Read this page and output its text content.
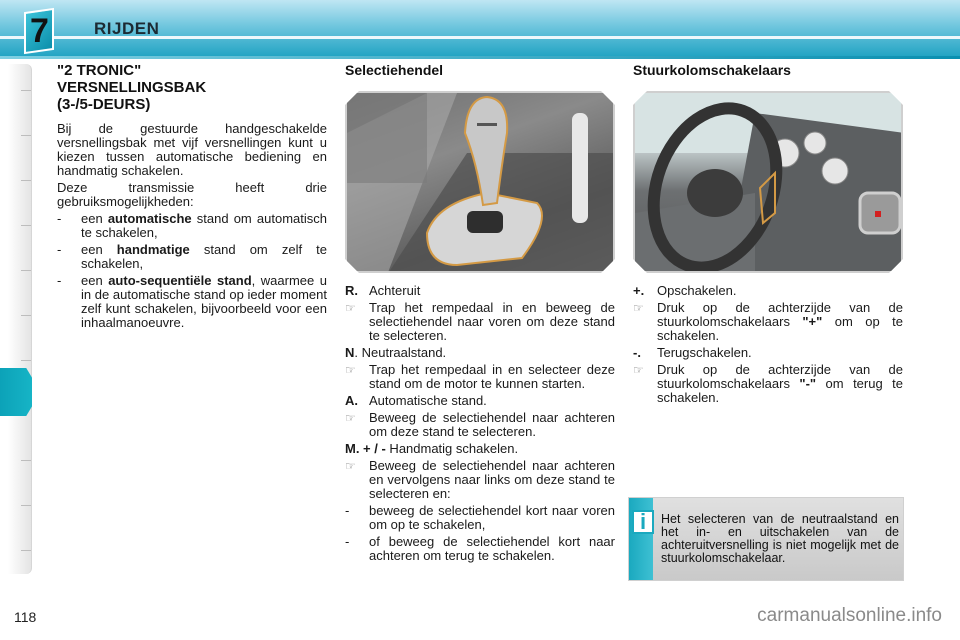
7	RIJDEN
"2 TRONIC"
VERSNELLINGSBAK
(3-/5-DEURS)

Bij de gestuurde handgeschakelde versnellingsbak met vijf versnellingen kunt u kiezen tussen automatische bediening en handmatig schakelen.

Deze transmissie heeft drie gebruiksmogelijkheden:

-	een automatische stand om automatisch te schakelen,
-	een handmatige stand om zelf te schakelen,
-	een auto-sequentiële stand, waarmee u in de automatische stand op ieder moment zelf kunt schakelen, bijvoorbeeld voor een inhaalmanoeuvre.
Selectiehendel
R. Achteruit
☞	Trap het rempedaal in en beweeg de selectiehendel naar voren om deze stand te selecteren.
N. Neutraalstand.
☞	Trap het rempedaal in en selecteer deze stand om de motor te kunnen starten.
A. Automatische stand.
☞	Beweeg de selectiehendel naar achteren om deze stand te selecteren.
M. + / - Handmatig schakelen.
☞	Beweeg de selectiehendel naar achteren en vervolgens naar links om deze stand te selecteren en:
-	beweeg de selectiehendel kort naar voren om op te schakelen,
-	of beweeg de selectiehendel kort naar achteren om terug te schakelen.
Stuurkolomschakelaars
+. Opschakelen.
☞	Druk op de achterzijde van de stuurkolomschakelaars "+" om op te schakelen.
-.	Terugschakelen.
☞	Druk op de achterzijde van de stuurkolomschakelaars "-" om terug te schakelen.
i	Het selecteren van de neutraalstand en het in- en uitschakelen van de achteruitversnelling is niet mogelijk met de stuurkolomschakelaar.
118	carmanualsonline.info
